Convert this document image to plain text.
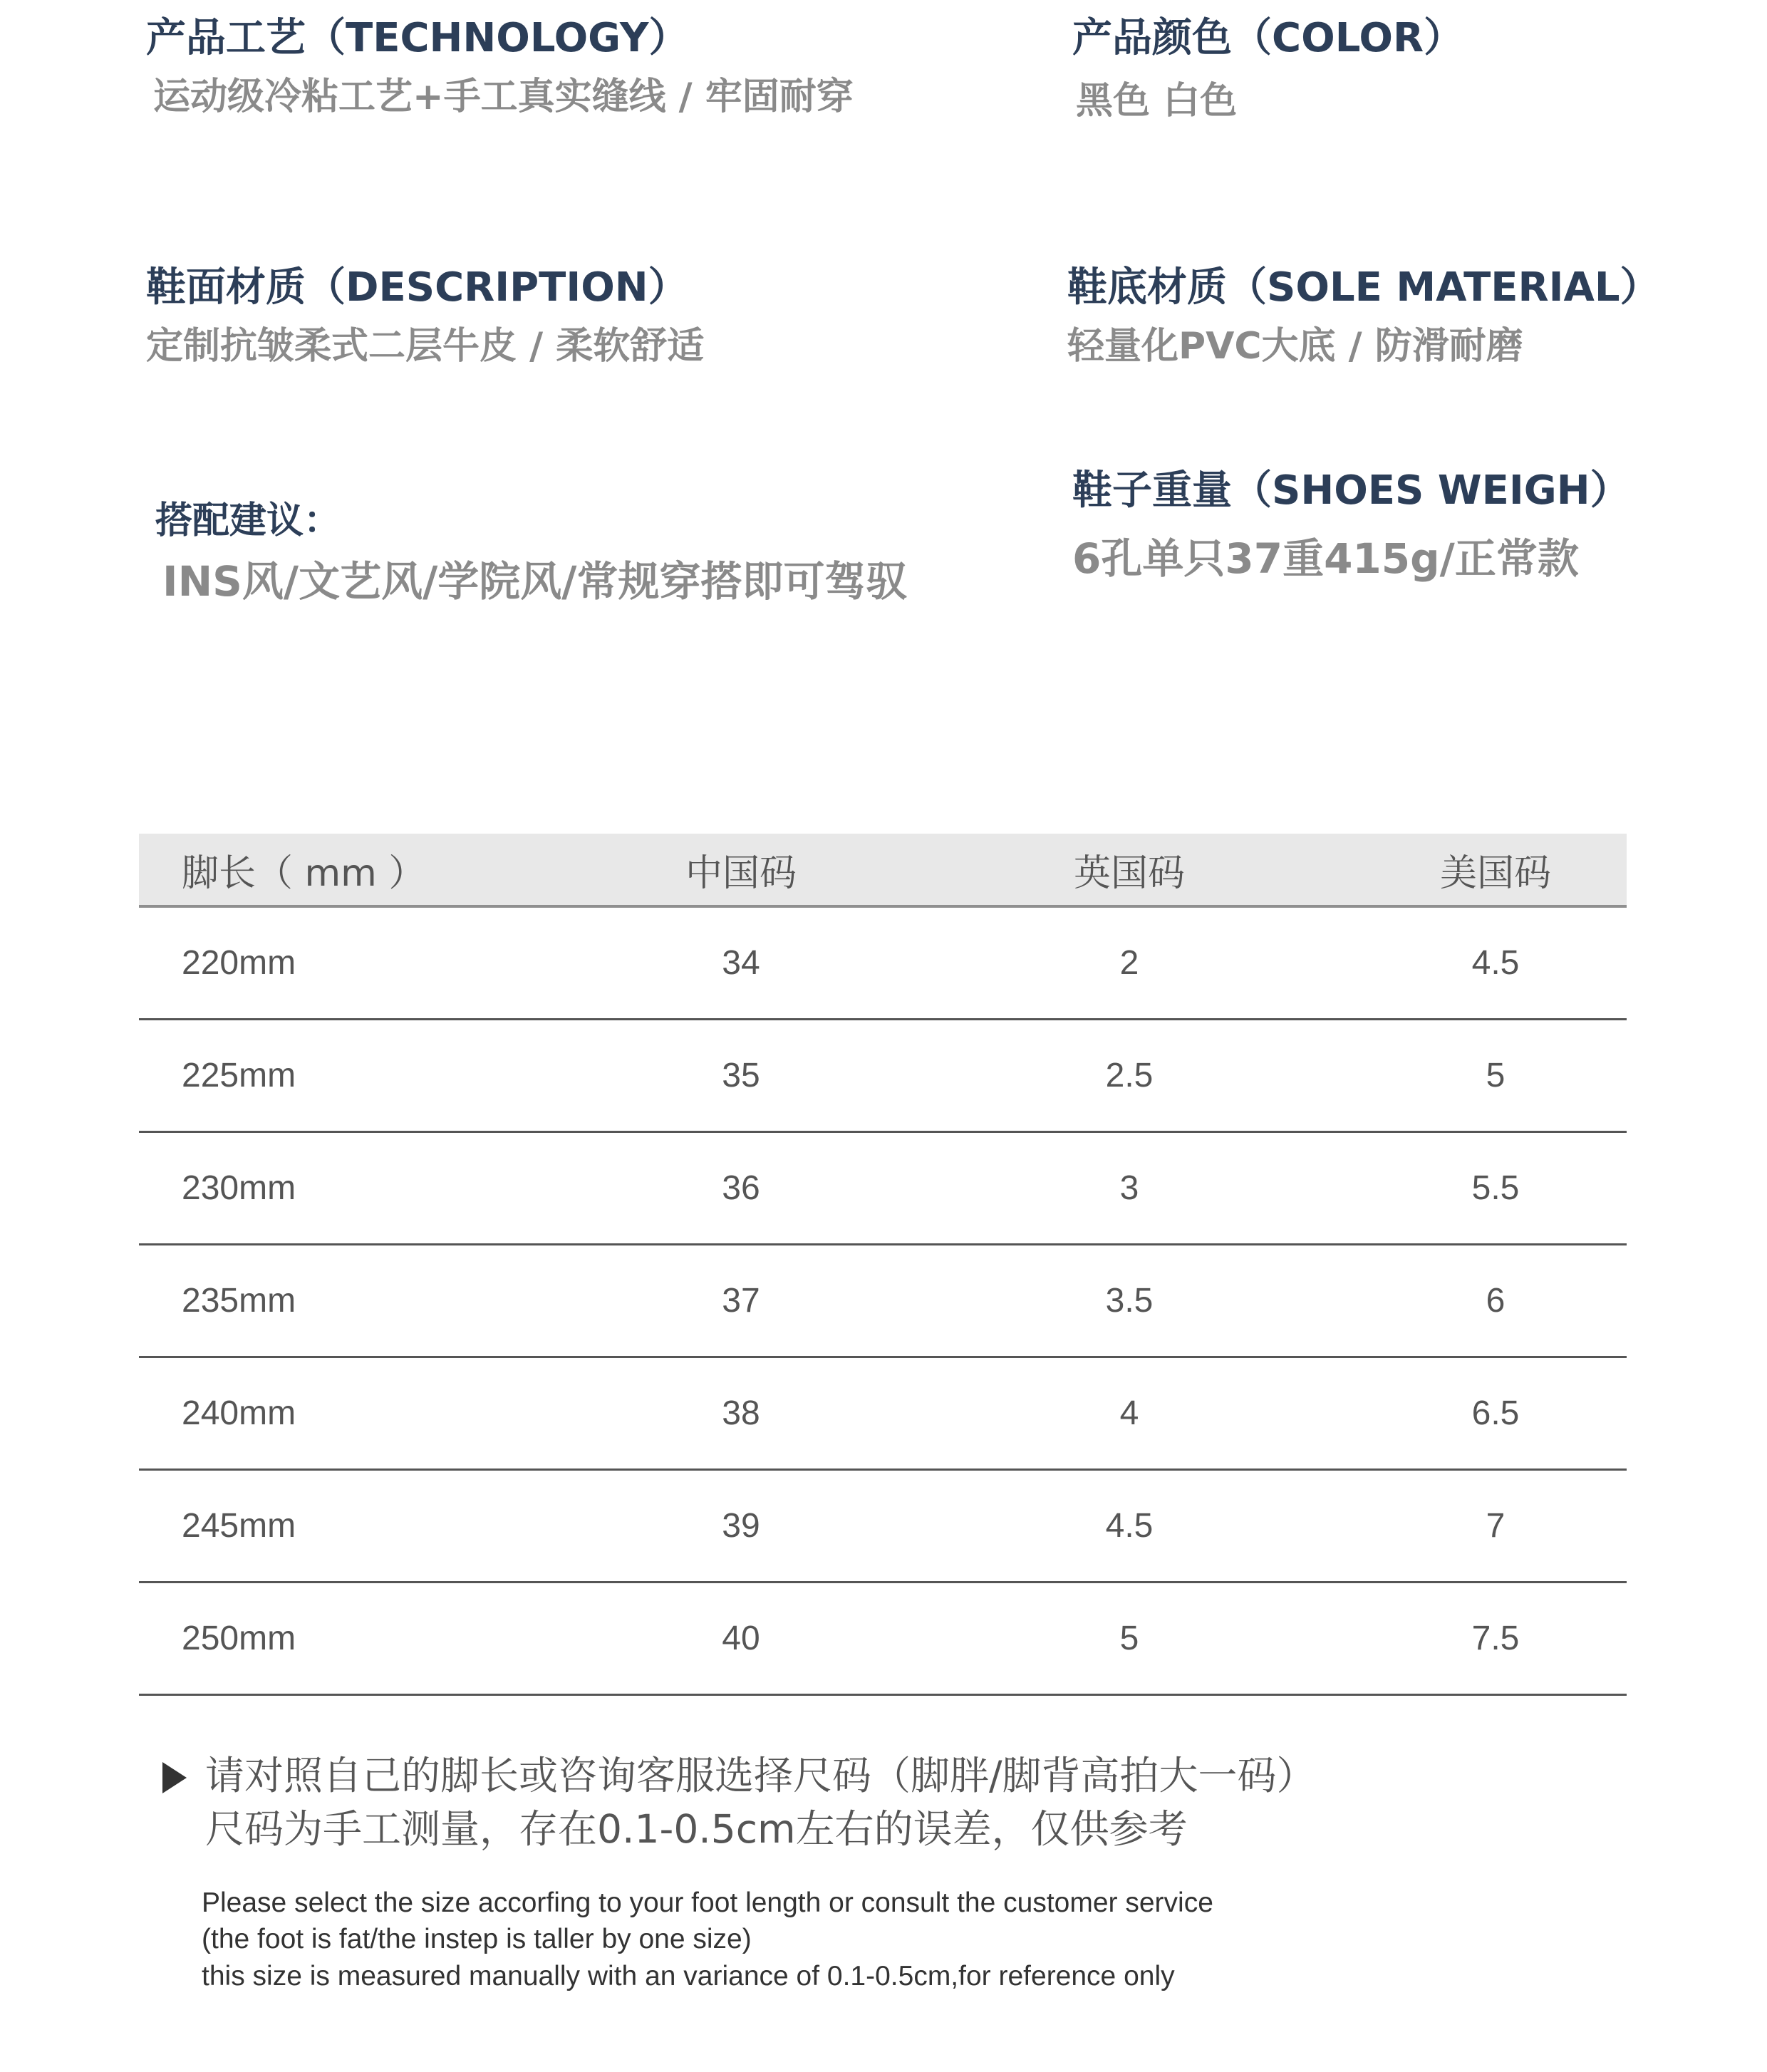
产品工艺（TECHNOLOGY）
运动级冷粘工艺+手工真实缝线 / 牢固耐穿
产品颜色（COLOR）
黑色 白色
鞋面材质（DESCRIPTION）
定制抗皱柔式二层牛皮 / 柔软舒适
鞋底材质（SOLE MATERIAL）
轻量化PVC大底 / 防滑耐磨
搭配建议：
INS风/文艺风/学院风/常规穿搭即可驾驭
鞋子重量（SHOES WEIGH）
6孔单只37重415g/正常款
脚长（ mm ）	中国码	英国码	美国码
220mm	34	2	4.5
225mm	35	2.5	5
230mm	36	3	5.5
235mm	37	3.5	6
240mm	38	4	6.5
245mm	39	4.5	7
250mm	40	5	7.5
请对照自己的脚长或咨询客服选择尺码（脚胖/脚背高拍大一码）
尺码为手工测量，存在0.1-0.5cm左右的误差，仅供参考
Please select the size accorfing to your foot length or consult the customer service
(the foot is fat/the instep is taller by one size)
this size is measured manually with an variance of 0.1-0.5cm,for reference only
